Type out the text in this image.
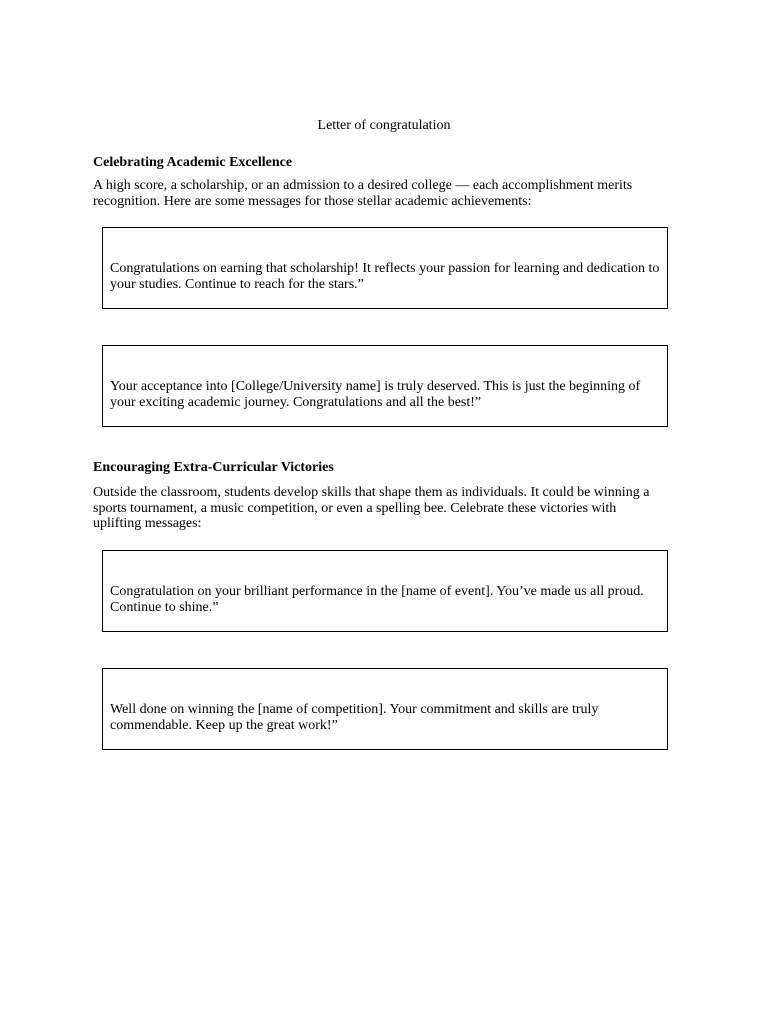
Letter of congratulation
Celebrating Academic Excellence
A high score, a scholarship, or an admission to a desired college — each accomplishment merits recognition. Here are some messages for those stellar academic achievements:
Congratulations on earning that scholarship! It reflects your passion for learning and dedication to your studies. Continue to reach for the stars.”
Your acceptance into [College/University name] is truly deserved. This is just the beginning of your exciting academic journey. Congratulations and all the best!”
Encouraging Extra-Curricular Victories
Outside the classroom, students develop skills that shape them as individuals. It could be winning a sports tournament, a music competition, or even a spelling bee. Celebrate these victories with uplifting messages:
Congratulation on your brilliant performance in the [name of event]. You’ve made us all proud. Continue to shine.”
Well done on winning the [name of competition]. Your commitment and skills are truly commendable. Keep up the great work!”
